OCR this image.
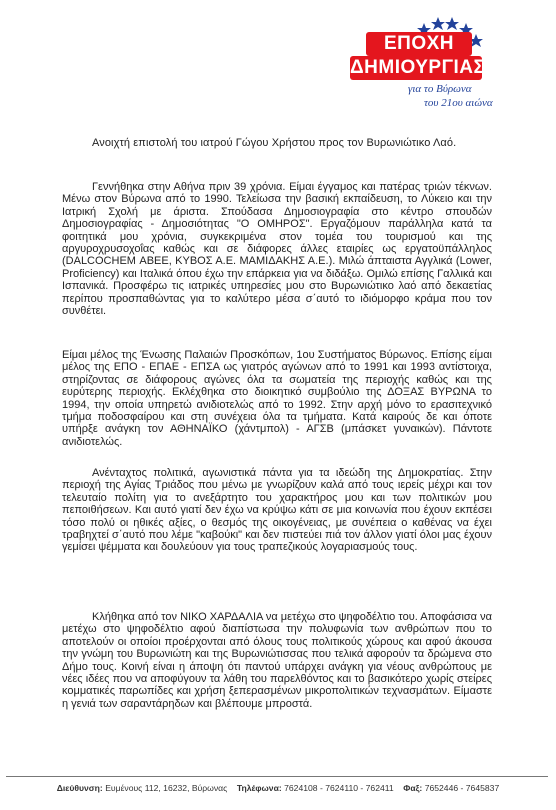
ΕΠΟΧΗ
ΔΗΜΙΟΥΡΓΙΑΣ
για το Βύρωνα
του 21ου αιώνα
Ανοιχτή επιστολή του ιατρού Γώγου Χρήστου προς τον Βυρωνιώτικο Λαό.

Γεννήθηκα στην Αθήνα πριν 39 χρόνια. Είμαι έγγαμος και πατέρας τριών τέκνων. Μένω στον Βύρωνα από το 1990. Τελείωσα την βασική εκπαίδευση, το Λύκειο και την Ιατρική Σχολή με άριστα. Σπούδασα Δημοσιογραφία στο κέντρο σπουδών Δημοσιογραφίας - Δημοσιότητας "Ο ΟΜΗΡΟΣ". Εργαζόμουν παράλληλα κατά τα φοιτητικά μου χρόνια, συγκεκριμένα στον τομέα του τουρισμού και της αργυροχρυσοχοΐας καθώς και σε διάφορες άλλες εταιρίες ως εργατοϋπάλληλος (DALCOCHEM ΑΒΕΕ, ΚΥΒΟΣ Α.Ε. ΜΑΜΙΔΑΚΗΣ Α.Ε.). Μιλώ άπταιστα Αγγλικά (Lower, Proficiency) και Ιταλικά όπου έχω την επάρκεια για να διδάξω. Ομιλώ επίσης Γαλλικά και Ισπανικά. Προσφέρω τις ιατρικές υπηρεσίες μου στο Βυρωνιώτικο λαό από δεκαετίας περίπου προσπαθώντας για το καλύτερο μέσα σ΄αυτό το ιδιόμορφο κράμα που τον συνθέτει.

Είμαι μέλος της Ένωσης Παλαιών Προσκόπων, 1ου Συστήματος Βύρωνος. Επίσης είμαι μέλος της ΕΠΟ - ΕΠΑΕ - ΕΠΣΑ ως γιατρός αγώνων από το 1991 και 1993 αντίστοιχα, στηρίζοντας σε διάφορους αγώνες όλα τα σωματεία της περιοχής καθώς και της ευρύτερης περιοχής. Εκλέχθηκα στο διοικητικό συμβούλιο της ΔΟΞΑΣ ΒΥΡΩΝΑ το 1994, την οποία υπηρετώ ανιδιοτελώς από το 1992. Στην αρχή μόνο το ερασιτεχνικό τμήμα ποδοσφαίρου και στη συνέχεια όλα τα τμήματα. Κατά καιρούς δε και όποτε υπήρξε ανάγκη τον ΑΘΗΝΑΪΚΟ (χάντμπολ) - ΑΓΣΒ (μπάσκετ γυναικών). Πάντοτε ανιδιοτελώς.

Ανένταχτος πολιτικά, αγωνιστικά πάντα για τα ιδεώδη της Δημοκρατίας. Στην περιοχή της Αγίας Τριάδος που μένω με γνωρίζουν καλά από τους ιερείς μέχρι και τον τελευταίο πολίτη για το ανεξάρτητο του χαρακτήρος μου και των πολιτικών μου πεποιθήσεων. Και αυτό γιατί δεν έχω να κρύψω κάτι σε μια κοινωνία που έχουν εκπέσει τόσο πολύ οι ηθικές αξίες, ο θεσμός της οικογένειας, με συνέπεια ο καθένας να έχει τραβηχτεί σ΄αυτό που λέμε "καβούκι" και δεν πιστεύει πιά τον άλλον γιατί όλοι μας έχουν γεμίσει ψέμματα και δουλεύουν για τους τραπεζικούς λογαριασμούς τους.

Κλήθηκα από τον ΝΙΚΟ ΧΑΡΔΑΛΙΑ να μετέχω στο ψηφοδέλτιο του. Αποφάσισα να μετέχω στο ψηφοδέλτιο αφού διαπίστωσα την πολυφωνία των ανθρώπων που το αποτελούν οι οποίοι προέρχονται από όλους τους πολιτικούς χώρους και αφού άκουσα την γνώμη του Βυρωνιώτη και της Βυρωνιώτισσας που τελικά αφορούν τα δρώμενα στο Δήμο τους. Κοινή είναι η άποψη ότι παντού υπάρχει ανάγκη για νέους ανθρώπους με νέες ιδέες που να αποφύγουν τα λάθη του παρελθόντος και το βασικότερο χωρίς στείρες κομματικές παρωπίδες και χρήση ξεπερασμένων μικροπολιτικών τεχνασμάτων. Είμαστε η γενιά των σαραντάρηδων και βλέπουμε μπροστά.

Διεύθυνση: Ευμένους 112, 16232, Βύρωνας Τηλέφωνα: 7624108 - 7624110 - 762411 Φαξ: 7652446 - 7645837
